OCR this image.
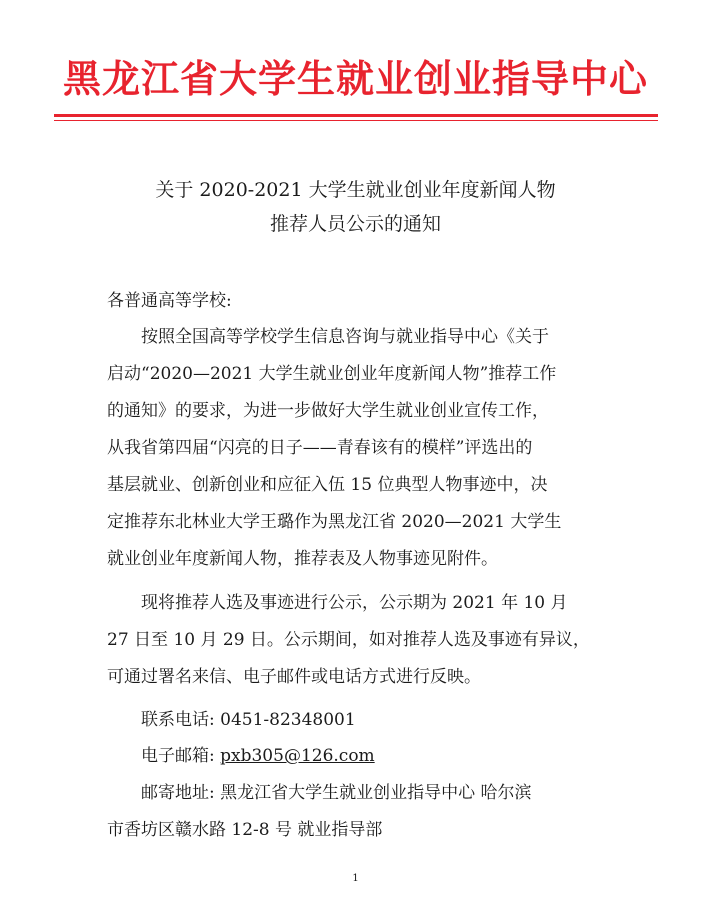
黑龙江省大学生就业创业指导中心
关于 2020-2021 大学生就业创业年度新闻人物
推荐人员公示的通知
各普通高等学校:
　　按照全国高等学校学生信息咨询与就业指导中心《关于
启动“2020—2021 大学生就业创业年度新闻人物”推荐工作
的通知》的要求，为进一步做好大学生就业创业宣传工作，
从我省第四届“闪亮的日子——青春该有的模样”评选出的
基层就业、创新创业和应征入伍 15 位典型人物事迹中，决
定推荐东北林业大学王璐作为黑龙江省 2020—2021 大学生
就业创业年度新闻人物，推荐表及人物事迹见附件。
　　现将推荐人选及事迹进行公示，公示期为 2021 年 10 月
27 日至 10 月 29 日。公示期间，如对推荐人选及事迹有异议，
可通过署名来信、电子邮件或电话方式进行反映。
　　联系电话: 0451-82348001
　　电子邮箱: pxb305@126.com
　　邮寄地址: 黑龙江省大学生就业创业指导中心 哈尔滨
市香坊区赣水路 12-8 号 就业指导部
1
